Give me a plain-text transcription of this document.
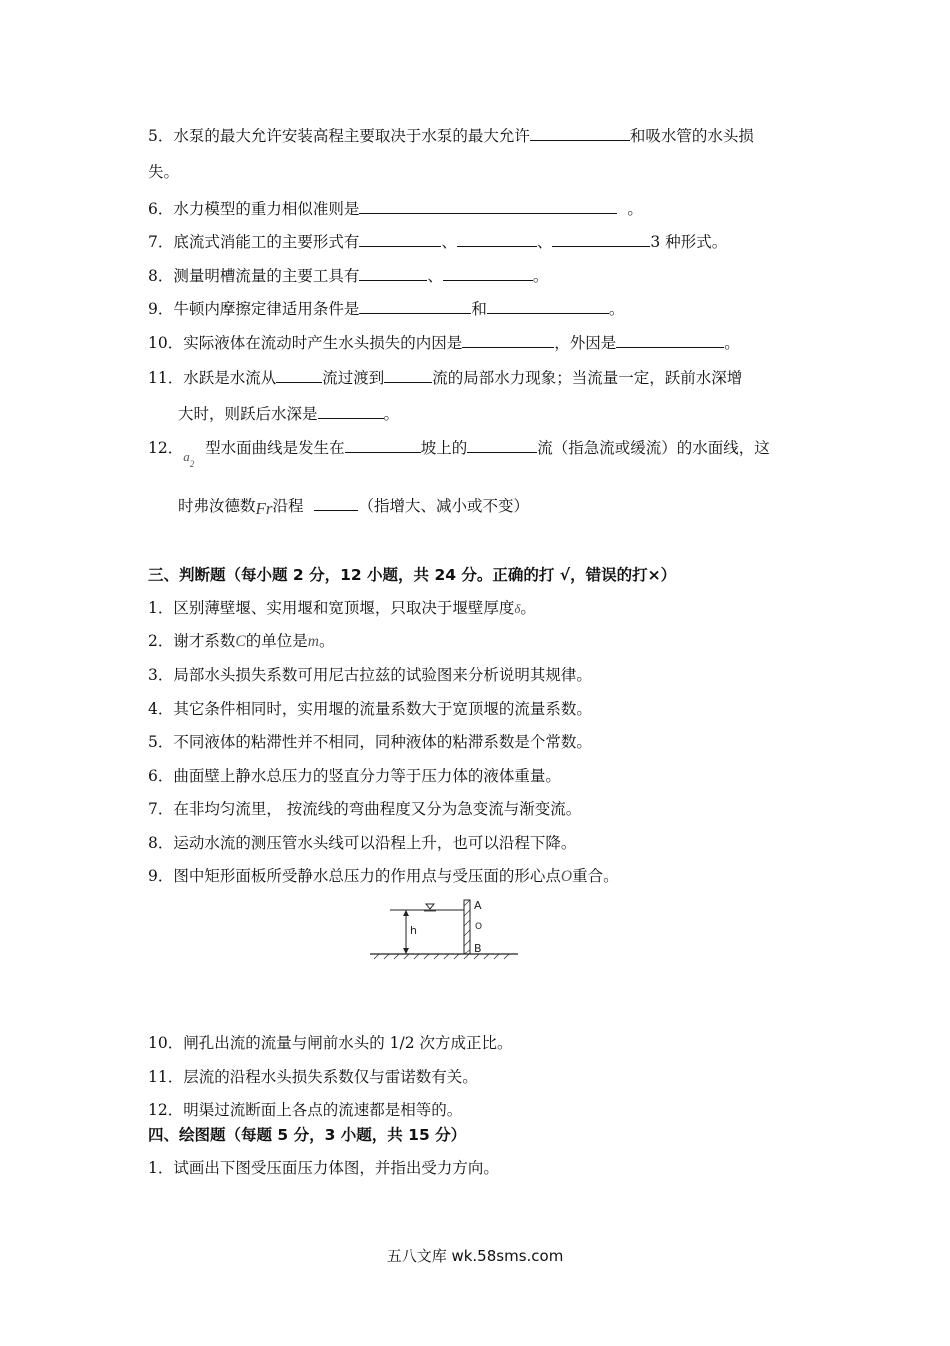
5．水泵的最大允许安装高程主要取决于水泵的最大允许	和吸水管的水头损
失。
6．水力模型的重力相似准则是	。
7．底流式消能工的主要形式有	、	、	3 种形式。
8．测量明槽流量的主要工具有	、	。
9．牛顿内摩擦定律适用条件是	和	。
10．实际液体在流动时产生水头损失的内因是	，外因是	。
11．水跃是水流从	流过渡到	流的局部水力现象；当流量一定，跃前水深增
大时，则跃后水深是	。
12．$_{a_2}$ 型水面曲线是发生在	坡上的	流（指急流或缓流）的水面线，这
时弗汝德数Fr沿程	（指增大、减小或不变）
三、判断题（每小题 2 分，12 小题，共 24 分。正确的打 √，错误的打×）
1．区别薄壁堰、实用堰和宽顶堰，只取决于堰壁厚度δ。
2．谢才系数C的单位是m。
3．局部水头损失系数可用尼古拉兹的试验图来分析说明其规律。
4．其它条件相同时，实用堰的流量系数大于宽顶堰的流量系数。
5．不同液体的粘滞性并不相同，同种液体的粘滞系数是个常数。
6．曲面壁上静水总压力的竖直分力等于压力体的液体重量。
7．在非均匀流里， 按流线的弯曲程度又分为急变流与渐变流。
8．运动水流的测压管水头线可以沿程上升，也可以沿程下降。
9．图中矩形面板所受静水总压力的作用点与受压面的形心点O重合。
h
A
O
B
10．闸孔出流的流量与闸前水头的 1/2 次方成正比。
11．层流的沿程水头损失系数仅与雷诺数有关。
12．明渠过流断面上各点的流速都是相等的。
四、绘图题（每题 5 分，3 小题，共 15 分）
1．试画出下图受压面压力体图，并指出受力方向。
五八文库 wk.58sms.com
